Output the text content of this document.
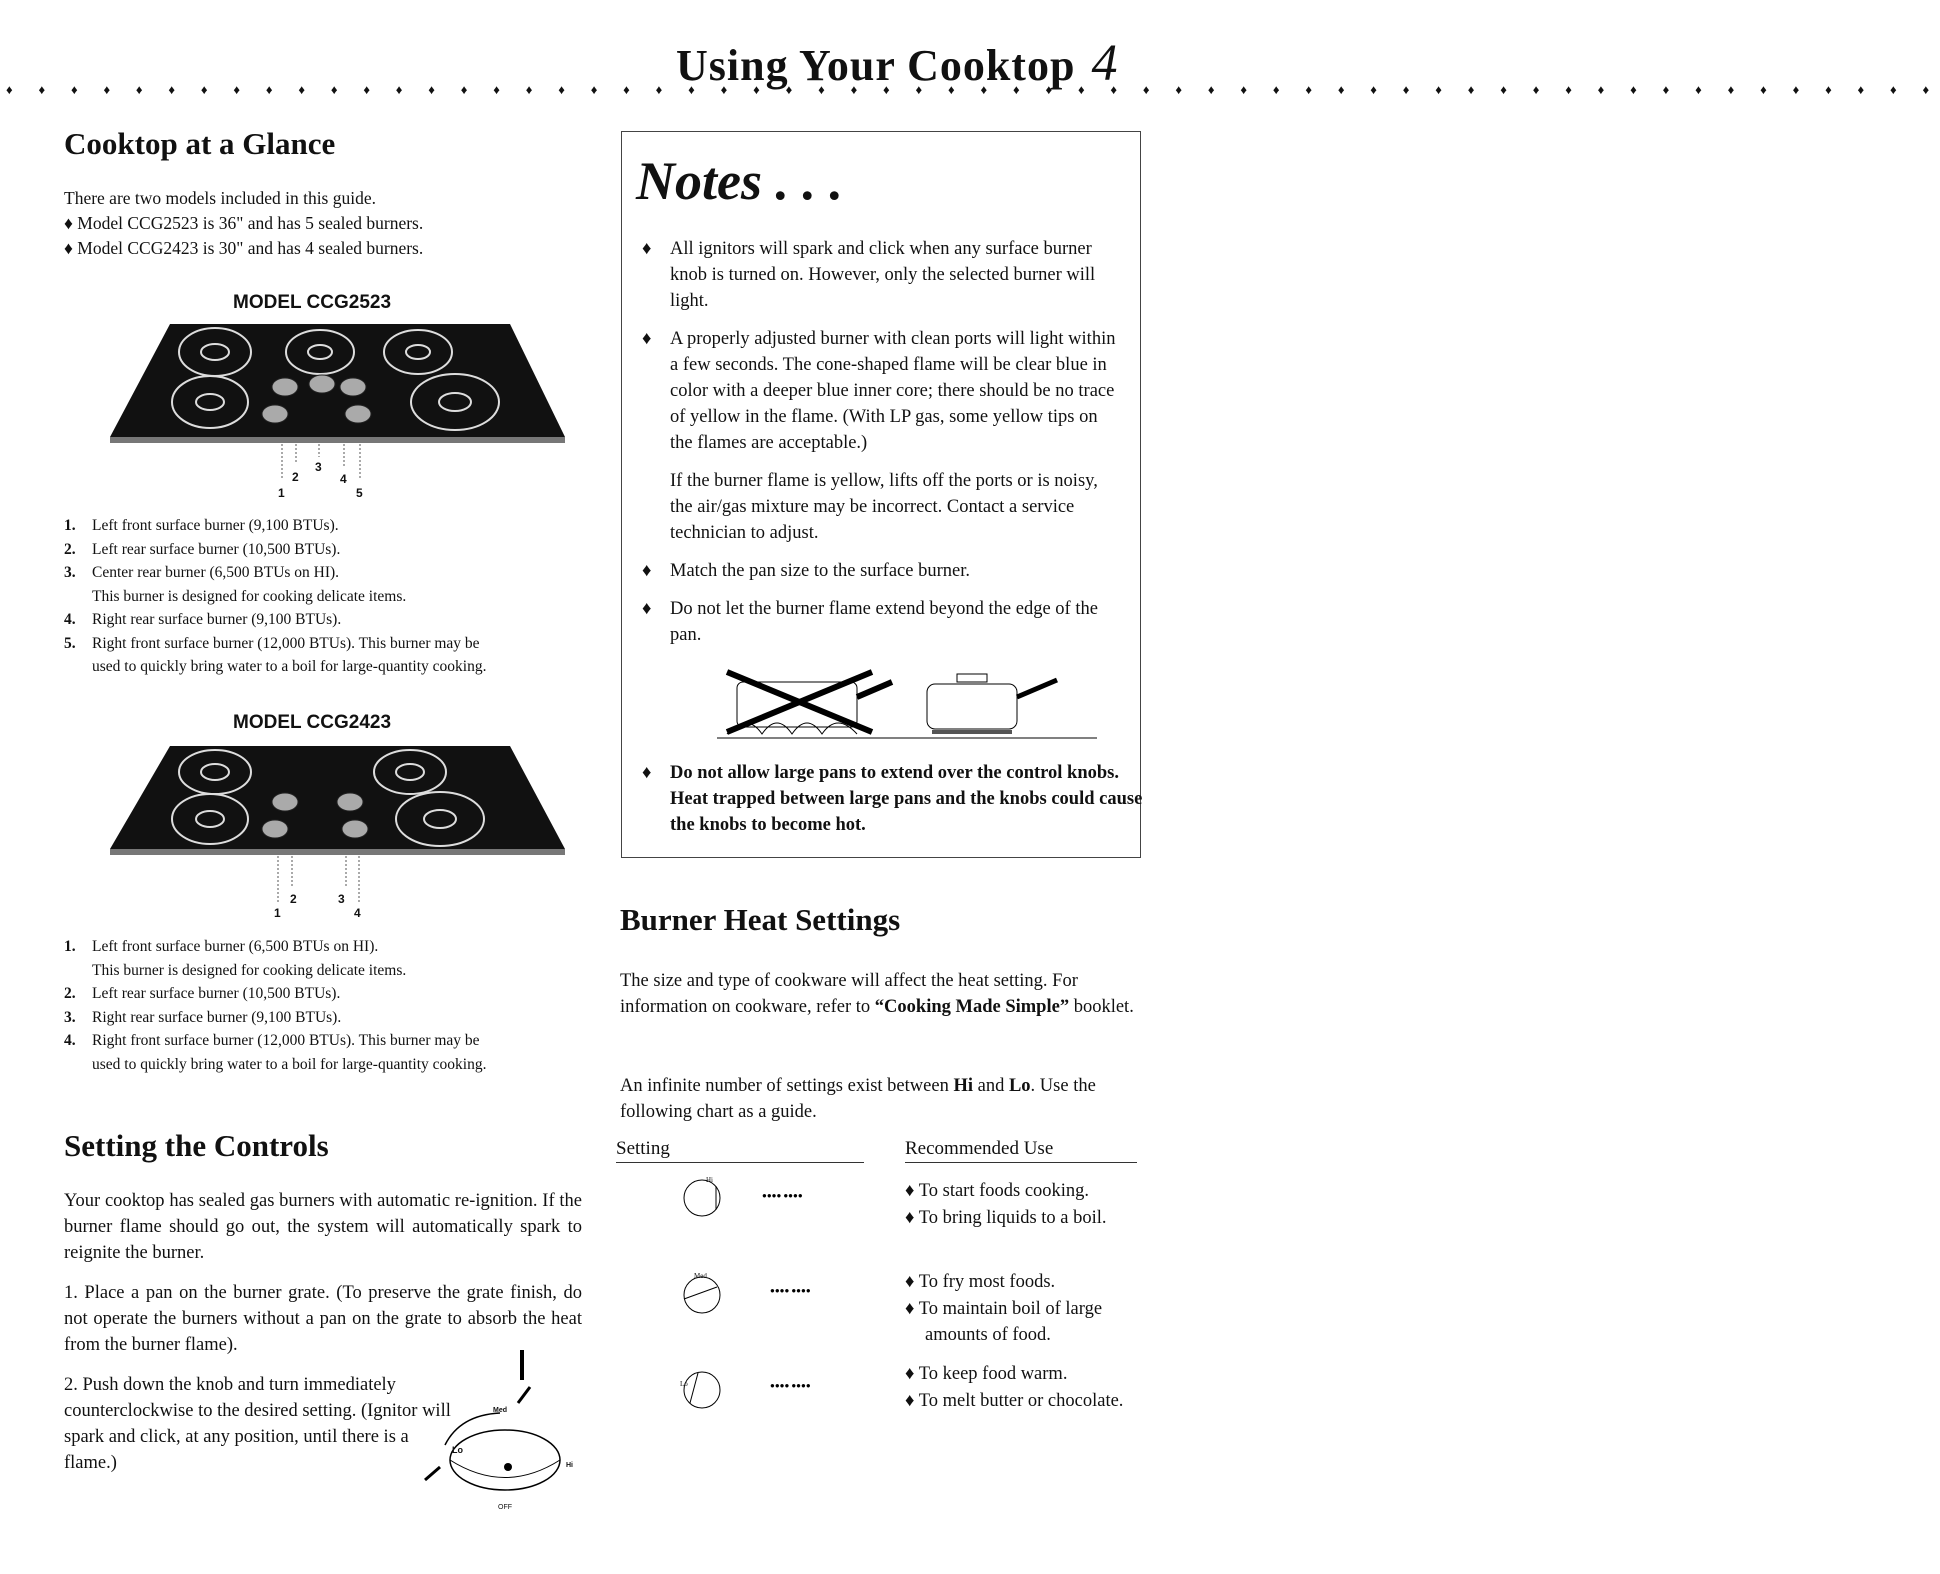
Using Your Cooktop 4
♦ ♦ ♦ ♦ ♦ ♦ ♦ ♦ ♦ ♦ ♦ ♦ ♦ ♦ ♦ ♦ ♦ ♦ ♦ ♦ ♦ ♦ ♦ ♦ ♦ ♦ ♦ ♦ ♦ ♦ ♦ ♦ ♦ ♦ ♦ ♦ ♦ ♦ ♦ ♦ ♦ ♦ ♦ ♦ ♦ ♦ ♦ ♦ ♦ ♦ ♦ ♦ ♦ ♦ ♦ ♦ ♦ ♦ ♦ ♦
Cooktop at a Glance
There are two models included in this guide.
♦ Model CCG2523 is 36" and has 5 sealed burners.
♦ Model CCG2423 is 30" and has 4 sealed burners.
MODEL CCG2523
1
2
3
4
5
1. Left front surface burner (9,100 BTUs).
2. Left rear surface burner (10,500 BTUs).
3. Center rear burner (6,500 BTUs on HI).
This burner is designed for cooking delicate items.
4. Right rear surface burner (9,100 BTUs).
5. Right front surface burner (12,000 BTUs). This burner may be
used to quickly bring water to a boil for large-quantity cooking.
MODEL CCG2423
1
2	3
4
1. Left front surface burner (6,500 BTUs on HI).
This burner is designed for cooking delicate items.
2. Left rear surface burner (10,500 BTUs).
3. Right rear surface burner (9,100 BTUs).
4. Right front surface burner (12,000 BTUs). This burner may be
used to quickly bring water to a boil for large-quantity cooking.
Setting the Controls
Your cooktop has sealed gas burners with automatic re-ignition. If the burner flame should go out, the system will automatically spark to reignite the burner.
1. Place a pan on the burner grate. (To preserve the grate finish, do not operate the burners without a pan on the grate to absorb the heat from the burner flame).
2. Push down the knob and turn immediately counterclockwise to the desired setting. (Ignitor will spark and click, at any position, until there is a flame.)
Med
Lo
Hi
OFF
Notes . . .
♦ All ignitors will spark and click when any surface burner knob is turned on. However, only the selected burner will light.
♦ A properly adjusted burner with clean ports will light within a few seconds. The cone-shaped flame will be clear blue in color with a deeper blue inner core; there should be no trace of yellow in the flame. (With LP gas, some yellow tips on the flames are acceptable.)
If the burner flame is yellow, lifts off the ports or is noisy, the air/gas mixture may be incorrect. Contact a service technician to adjust.
♦ Match the pan size to the surface burner.
♦ Do not let the burner flame extend beyond the edge of the pan.
♦ Do not allow large pans to extend over the control knobs. Heat trapped between large pans and the knobs could cause the knobs to become hot.
Burner Heat Settings
The size and type of cookware will affect the heat setting. For information on cookware, refer to “Cooking Made Simple” booklet.
An infinite number of settings exist between Hi and Lo. Use the following chart as a guide.
Setting	Recommended Use
●●●● ●●●●
●●●● ●●●●
●●●● ●●●●
♦ To start foods cooking.
♦ To bring liquids to a boil.
♦ To fry most foods.
♦ To maintain boil of large amounts of food.
♦ To keep food warm.
♦ To melt butter or chocolate.
Hi
Med
Lo
